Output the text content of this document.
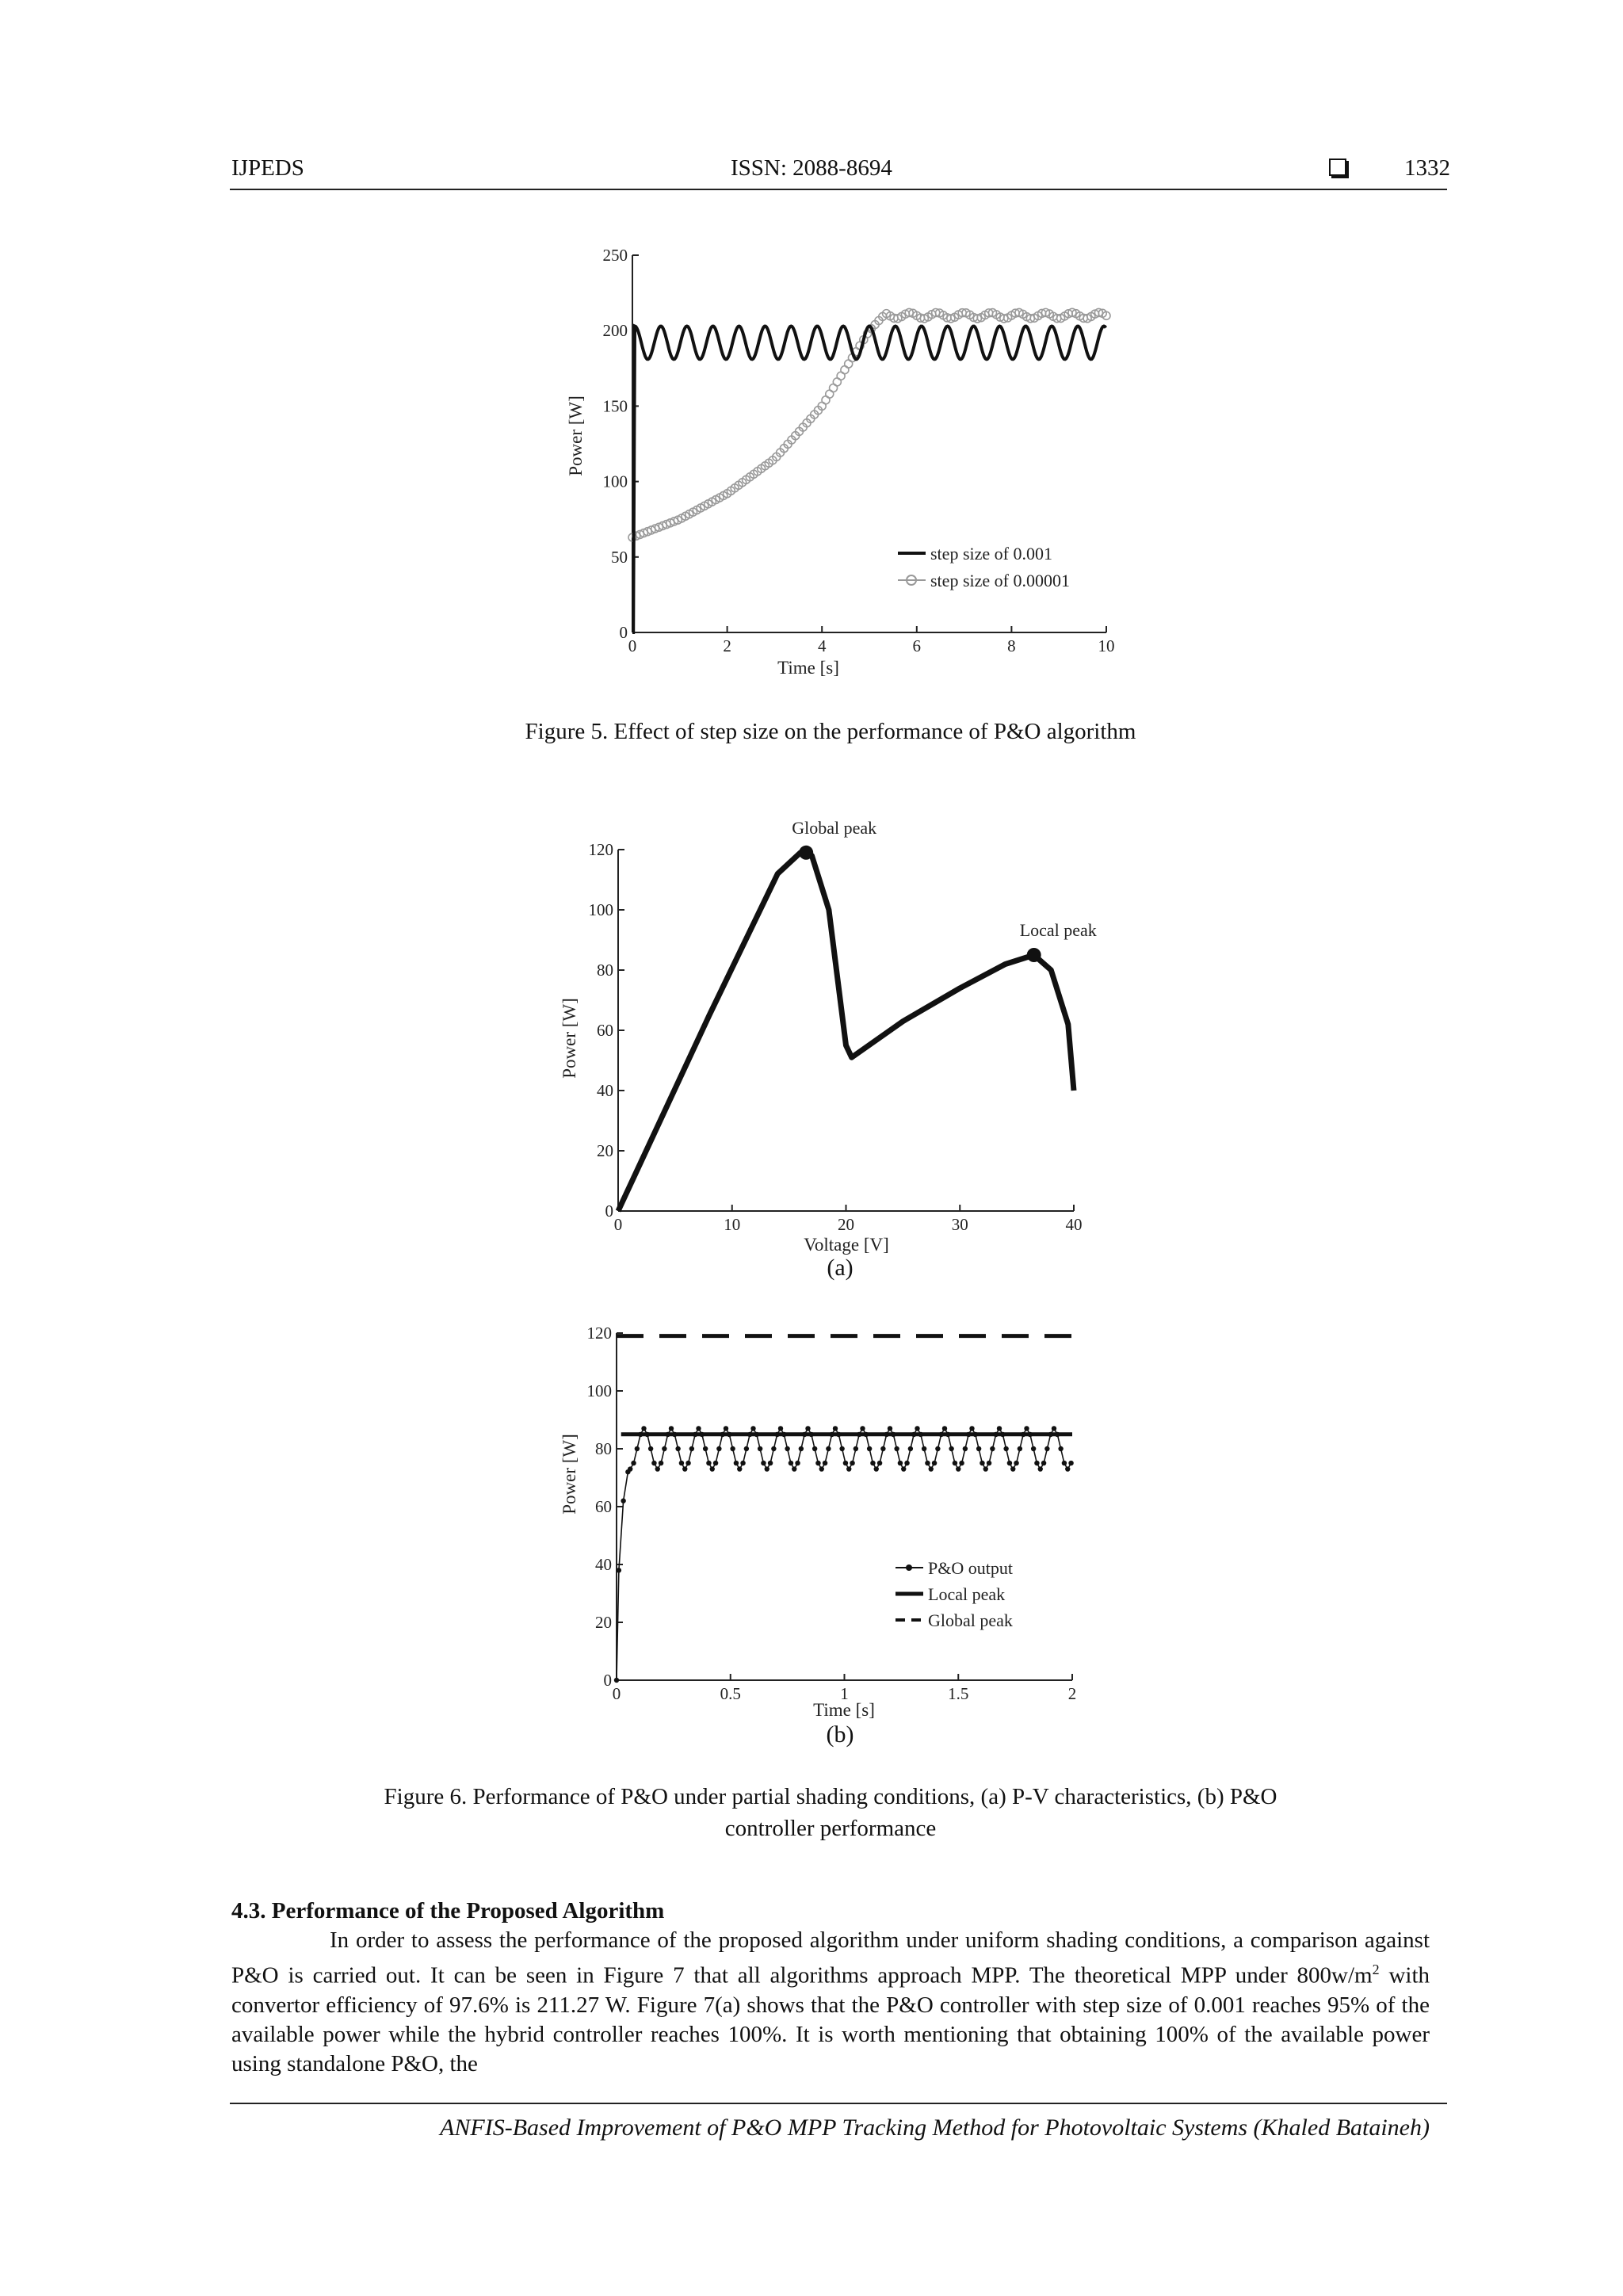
IJPEDS	ISSN: 2088-8694	1332
0	2	4	6	8	10
0
50
100
150
200
250
step size of 0.001
step size of 0.00001
Time [s]
Power [W]
Figure 5. Effect of step size on the performance of P&O algorithm
0	10	20	30	40
0
20
40
60
80
100
120
Voltage [V]
Power [W]
Global peak
Local peak
(a)
0	0.5	1	1.5	2
0
20
40
60
80
100
120
P&O output
Local peak
Global peak
Time [s]
Power [W]
(b)
Figure 6. Performance of P&O under partial shading conditions, (a) P-V characteristics, (b) P&O
controller performance
4.3. Performance of the Proposed Algorithm
In order to assess the performance of the proposed algorithm under uniform shading conditions, a comparison against P&O is carried out. It can be seen in Figure 7 that all algorithms approach MPP. The theoretical MPP under $800w/m^2$ with convertor efficiency of 97.6% is 211.27 W. Figure 7(a) shows that the P&O controller with step size of 0.001 reaches 95% of the available power while the hybrid controller reaches 100%. It is worth mentioning that obtaining 100% of the available power using standalone P&O, the
ANFIS-Based Improvement of P&O MPP Tracking Method for Photovoltaic Systems (Khaled Bataineh)
